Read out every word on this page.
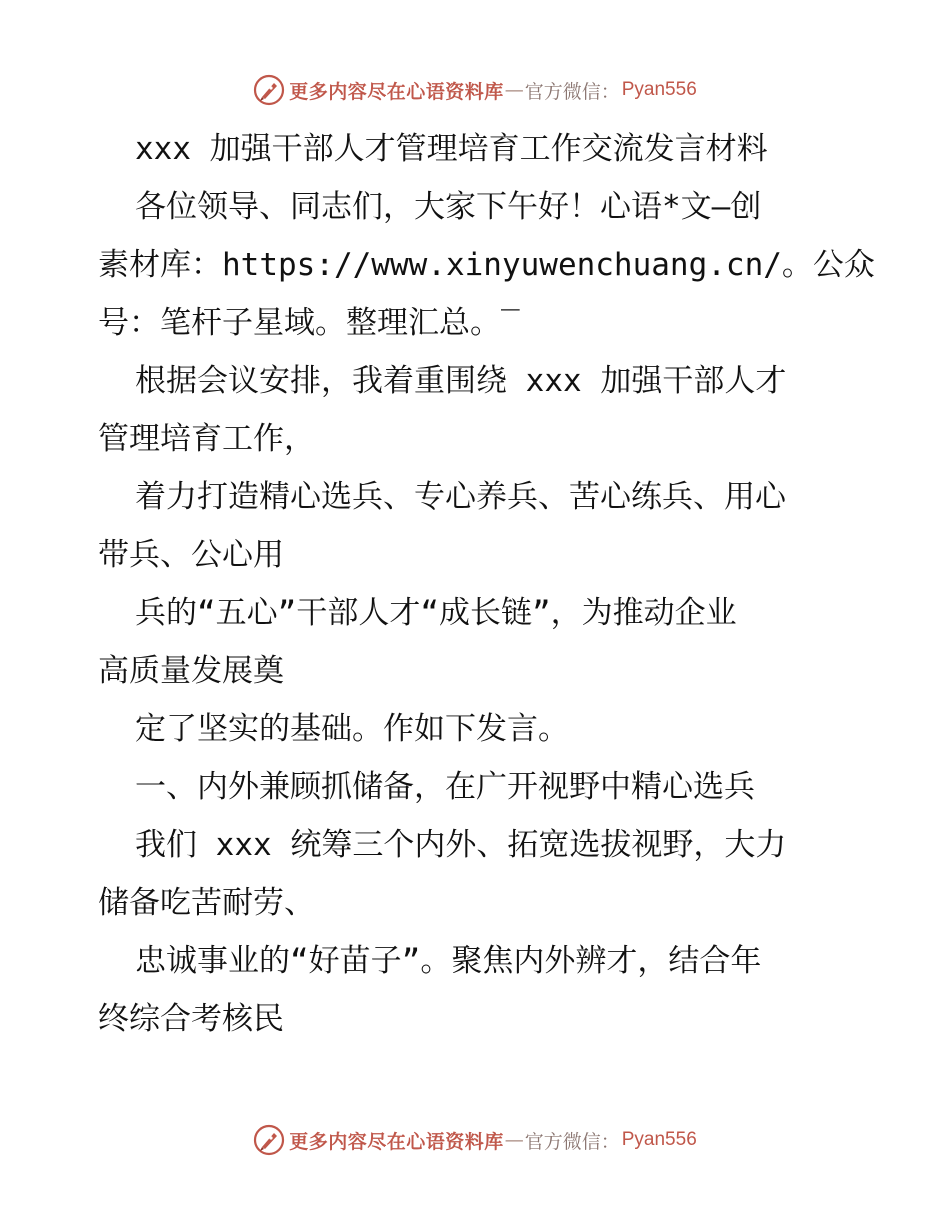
更多内容尽在心语资料库 — 官方微信： Pyan556
xxx 加强干部人才管理培育工作交流发言材料
各位领导、同志们，大家下午好！心语*文—创
素材库：https://www.xinyuwenchuang.cn/。公众
号：笔杆子星域。整理汇总。‾
根据会议安排，我着重围绕 xxx 加强干部人才
管理培育工作，
着力打造精心选兵、专心养兵、苦心练兵、用心
带兵、公心用
兵的“五心”干部人才“成长链”，为推动企业
高质量发展奠
定了坚实的基础。作如下发言。
一、内外兼顾抓储备，在广开视野中精心选兵
我们 xxx 统筹三个内外、拓宽选拔视野，大力
储备吃苦耐劳、
忠诚事业的“好苗子”。聚焦内外辨才，结合年
终综合考核民
更多内容尽在心语资料库 — 官方微信： Pyan556
